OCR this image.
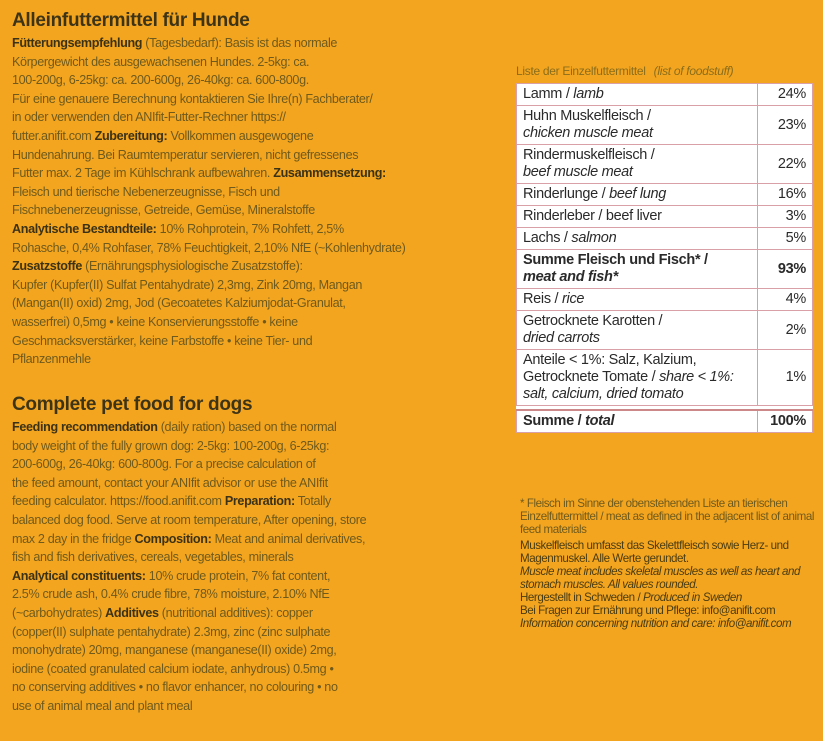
Alleinfuttermittel für Hunde
Fütterungsempfehlung (Tagesbedarf): Basis ist das normale
Körpergewicht des ausgewachsenen Hundes. 2-5kg: ca.
100-200g, 6-25kg: ca. 200-600g, 26-40kg: ca. 600-800g.
Für eine genauere Berechnung kontaktieren Sie Ihre(n) Fachberater/
in oder verwenden den ANIfit-Futter-Rechner https://
futter.anifit.com Zubereitung: Vollkommen ausgewogene
Hundenahrung. Bei Raumtemperatur servieren, nicht gefressenes
Futter max. 2 Tage im Kühlschrank aufbewahren. Zusammensetzung:
Fleisch und tierische Nebenerzeugnisse, Fisch und
Fischnebenerzeugnisse, Getreide, Gemüse, Mineralstoffe
Analytische Bestandteile: 10% Rohprotein, 7% Rohfett, 2,5%
Rohasche, 0,4% Rohfaser, 78% Feuchtigkeit, 2,10% NfE (~Kohlenhydrate)
Zusatzstoffe (Ernährungsphysiologische Zusatzstoffe):
Kupfer (Kupfer(II) Sulfat Pentahydrate) 2,3mg, Zink 20mg, Mangan
(Mangan(II) oxid) 2mg, Jod (Gecoatetes Kalziumjodat-Granulat,
wasserfrei) 0,5mg • keine Konservierungsstoffe • keine
Geschmacksverstärker, keine Farbstoffe • keine Tier- und
Pflanzenmehle
Complete pet food for dogs
Feeding recommendation (daily ration) based on the normal
body weight of the fully grown dog: 2-5kg: 100-200g, 6-25kg:
200-600g, 26-40kg: 600-800g. For a precise calculation of
the feed amount, contact your ANIfit advisor or use the ANIfit
feeding calculator. https://food.anifit.com Preparation: Totally
balanced dog food. Serve at room temperature, After opening, store
max 2 day in the fridge Composition: Meat and animal derivatives,
fish and fish derivatives, cereals, vegetables, minerals
Analytical constituents: 10% crude protein, 7% fat content,
2.5% crude ash, 0.4% crude fibre, 78% moisture, 2.10% NfE
(~carbohydrates) Additives (nutritional additives): copper
(copper(II) sulphate pentahydrate) 2.3mg, zinc (zinc sulphate
monohydrate) 20mg, manganese (manganese(II) oxide) 2mg,
iodine (coated granulated calcium iodate, anhydrous) 0.5mg •
no conserving additives • no flavor enhancer, no colouring • no
use of animal meal and plant meal
Liste der Einzelfuttermittel (list of foodstuff)
Lamm / lamb	24%
Huhn Muskelfleisch /
chicken muscle meat	23%
Rindermuskelfleisch /
beef muscle meat	22%
Rinderlunge / beef lung	16%
Rinderleber / beef liver	3%
Lachs / salmon	5%
Summe Fleisch und Fisch* /
meat and fish*	93%
Reis / rice	4%
Getrocknete Karotten /
dried carrots	2%
Anteile < 1%: Salz, Kalzium, Getrocknete Tomate / share < 1%: salt, calcium, dried tomato	1%

Summe / total	100%

* Fleisch im Sinne der obenstehenden Liste an tierischen Einzelfuttermittel / meat as defined in the adjacent list of animal feed materials

Muskelfleisch umfasst das Skelettfleisch sowie Herz- und Magenmuskel. Alle Werte gerundet.

Muscle meat includes skeletal muscles as well as heart and stomach muscles. All values rounded.

Hergestellt in Schweden / Produced in Sweden

Bei Fragen zur Ernährung und Pflege: info@anifit.com

Information concerning nutrition and care: info@anifit.com
